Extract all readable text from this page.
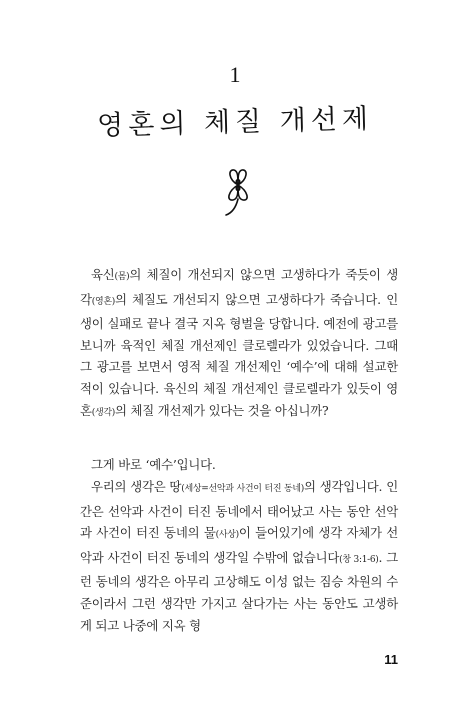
1
영혼의 체질 개선제

육신(몸)의 체질이 개선되지 않으면 고생하다가 죽듯이 생각(영혼)의 체질도 개선되지 않으면 고생하다가 죽습니다. 인생이 실패로 끝나 결국 지옥 형벌을 당합니다. 예전에 광고를 보니까 육적인 체질 개선제인 클로렐라가 있었습니다. 그때 그 광고를 보면서 영적 체질 개선제인 ‘예수’에 대해 설교한 적이 있습니다. 육신의 체질 개선제인 클로렐라가 있듯이 영혼(생각)의 체질 개선제가 있다는 것을 아십니까?

그게 바로 ‘예수’입니다.

우리의 생각은 땅(세상=선악과 사건이 터진 동네)의 생각입니다. 인간은 선악과 사건이 터진 동네에서 태어났고 사는 동안 선악과 사건이 터진 동네의 물(사상)이 들어있기에 생각 자체가 선악과 사건이 터진 동네의 생각일 수밖에 없습니다(창 3:1-6). 그런 동네의 생각은 아무리 고상해도 이성 없는 짐승 차원의 수준이라서 그런 생각만 가지고 살다가는 사는 동안도 고생하게 되고 나중에 지옥 형

11
